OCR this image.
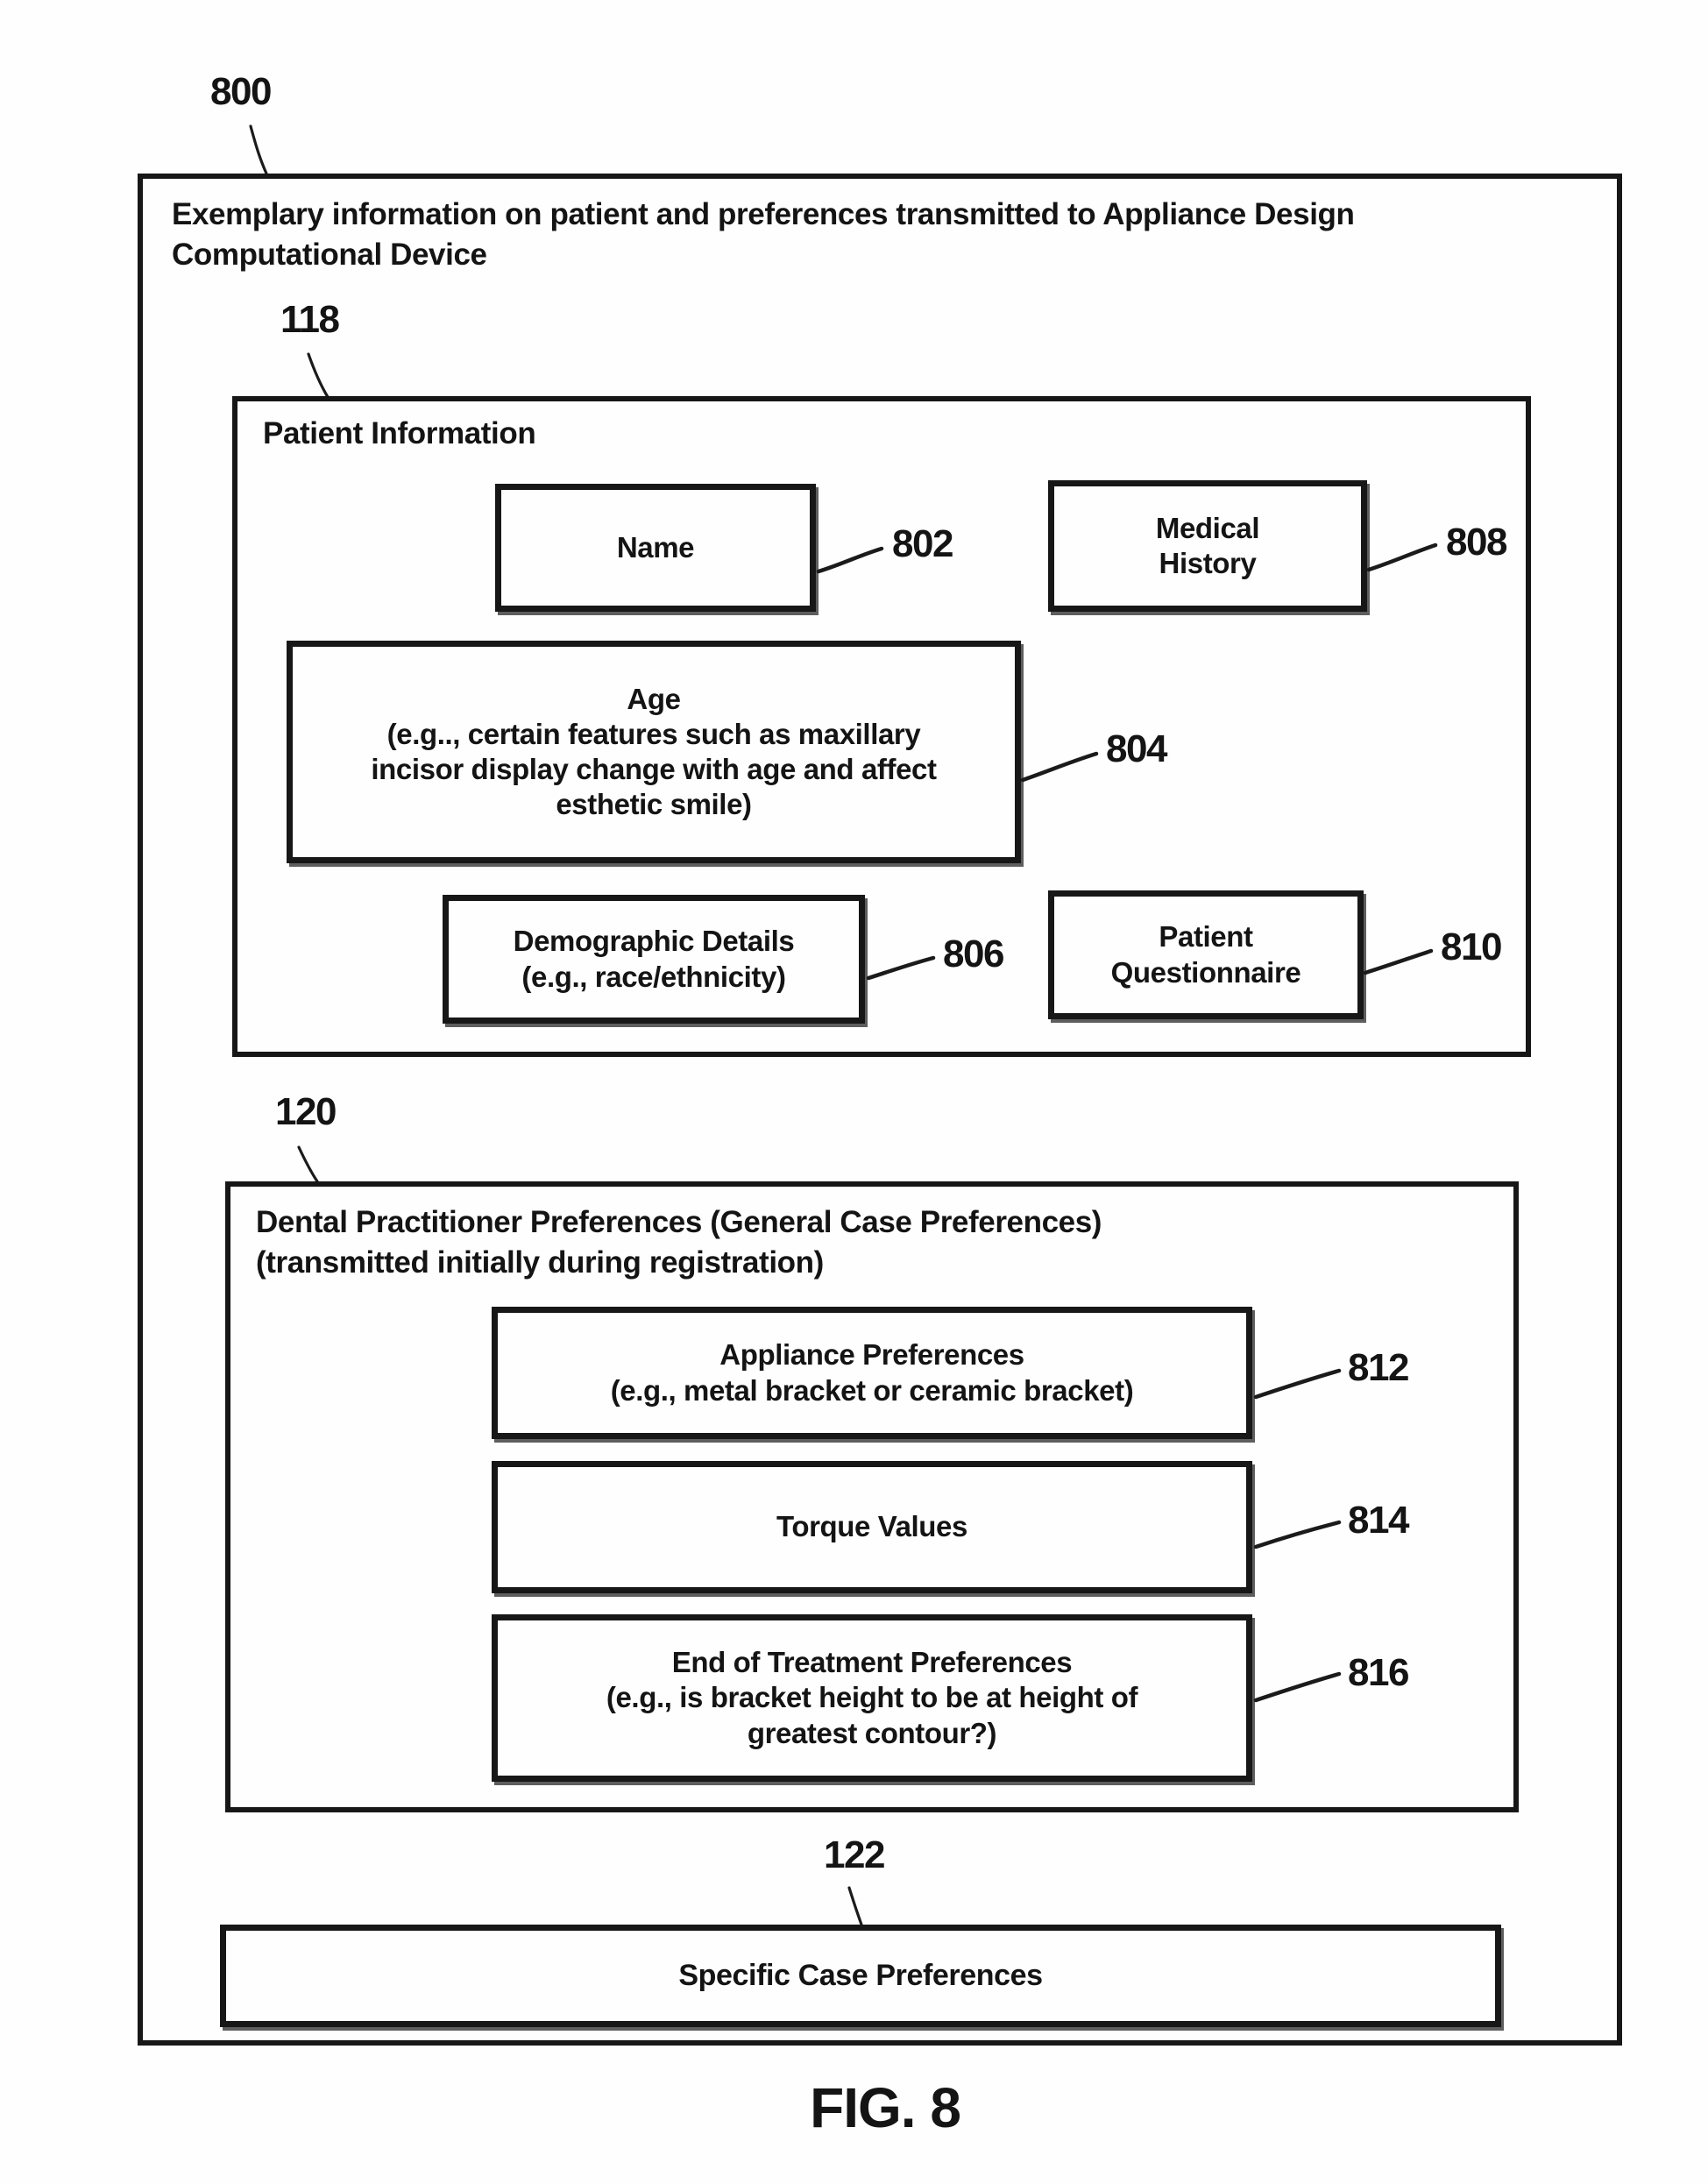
800
118
120
122
802	808
804
806	810
812
814
816
Exemplary information on patient and preferences transmitted to Appliance Design
Computational Device
Patient Information
Name
Medical
History
Age
(e.g.., certain features such as maxillary
incisor display change with age and affect
esthetic smile)
Demographic Details
(e.g., race/ethnicity)
Patient
Questionnaire
Dental Practitioner Preferences (General Case Preferences)
(transmitted initially during registration)
Appliance Preferences
(e.g., metal bracket or ceramic bracket)
Torque Values
End of Treatment Preferences
(e.g., is bracket height to be at height of
greatest contour?)
Specific Case Preferences
FIG. 8
